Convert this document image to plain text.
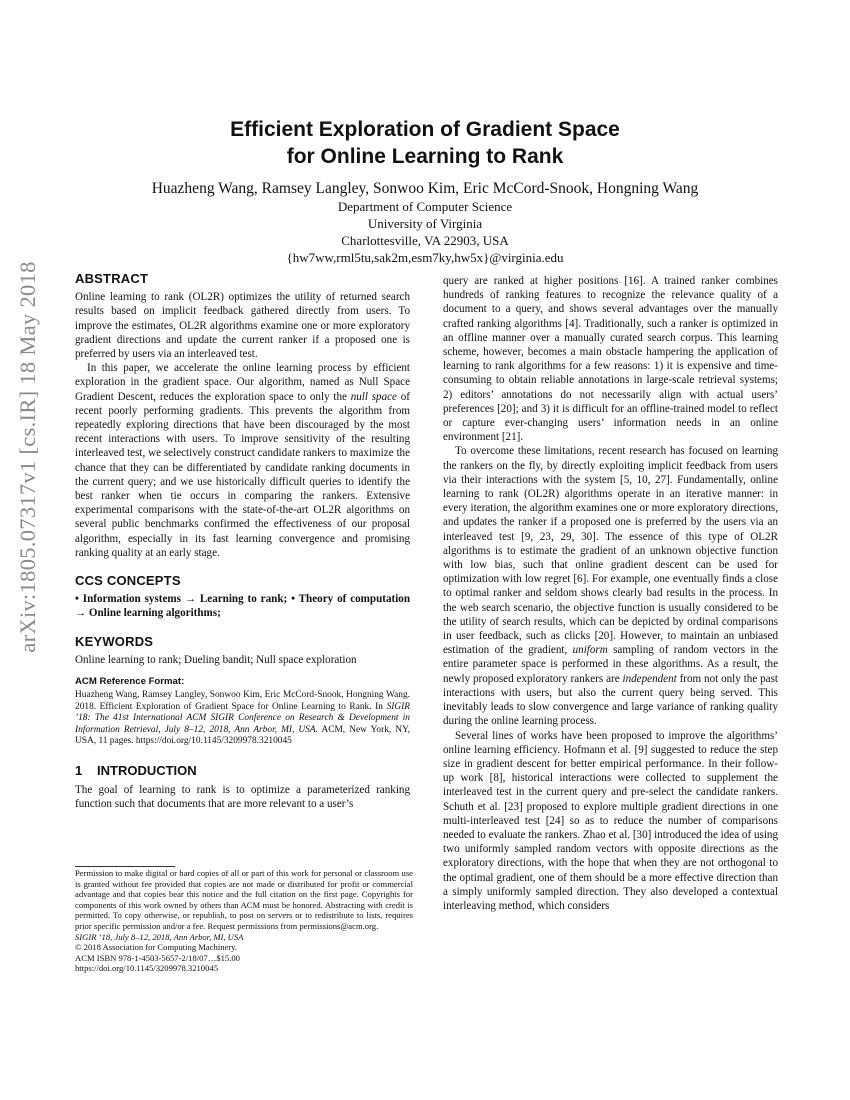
arXiv:1805.07317v1 [cs.IR] 18 May 2018
Efficient Exploration of Gradient Space
for Online Learning to Rank
Huazheng Wang, Ramsey Langley, Sonwoo Kim, Eric McCord-Snook, Hongning Wang
Department of Computer Science
University of Virginia
Charlottesville, VA 22903, USA
{hw7ww,rml5tu,sak2m,esm7ky,hw5x}@virginia.edu
ABSTRACT

Online learning to rank (OL2R) optimizes the utility of returned search results based on implicit feedback gathered directly from users. To improve the estimates, OL2R algorithms examine one or more exploratory gradient directions and update the current ranker if a proposed one is preferred by users via an interleaved test.

In this paper, we accelerate the online learning process by efficient exploration in the gradient space. Our algorithm, named as Null Space Gradient Descent, reduces the exploration space to only the null space of recent poorly performing gradients. This prevents the algorithm from repeatedly exploring directions that have been discouraged by the most recent interactions with users. To improve sensitivity of the resulting interleaved test, we selectively construct candidate rankers to maximize the chance that they can be differentiated by candidate ranking documents in the current query; and we use historically difficult queries to identify the best ranker when tie occurs in comparing the rankers. Extensive experimental comparisons with the state-of-the-art OL2R algorithms on several public benchmarks confirmed the effectiveness of our proposal algorithm, especially in its fast learning convergence and promising ranking quality at an early stage.

CCS CONCEPTS

• Information systems → Learning to rank; • Theory of computation → Online learning algorithms;

KEYWORDS

Online learning to rank; Dueling bandit; Null space exploration

ACM Reference Format:
Huazheng Wang, Ramsey Langley, Sonwoo Kim, Eric McCord-Snook, Hongning Wang. 2018. Efficient Exploration of Gradient Space for Online Learning to Rank. In SIGIR ’18: The 41st International ACM SIGIR Conference on Research & Development in Information Retrieval, July 8–12, 2018, Ann Arbor, MI, USA. ACM, New York, NY, USA, 11 pages. https://doi.org/10.1145/3209978.3210045
1 INTRODUCTION

The goal of learning to rank is to optimize a parameterized ranking function such that documents that are more relevant to a user’s

Permission to make digital or hard copies of all or part of this work for personal or classroom use is granted without fee provided that copies are not made or distributed for profit or commercial advantage and that copies bear this notice and the full citation on the first page. Copyrights for components of this work owned by others than ACM must be honored. Abstracting with credit is permitted. To copy otherwise, or republish, to post on servers or to redistribute to lists, requires prior specific permission and/or a fee. Request permissions from permissions@acm.org.

SIGIR ’18, July 8–12, 2018, Ann Arbor, MI, USA

© 2018 Association for Computing Machinery.

ACM ISBN 978-1-4503-5657-2/18/07…$15.00

https://doi.org/10.1145/3209978.3210045

query are ranked at higher positions [16]. A trained ranker combines hundreds of ranking features to recognize the relevance quality of a document to a query, and shows several advantages over the manually crafted ranking algorithms [4]. Traditionally, such a ranker is optimized in an offline manner over a manually curated search corpus. This learning scheme, however, becomes a main obstacle hampering the application of learning to rank algorithms for a few reasons: 1) it is expensive and time-consuming to obtain reliable annotations in large-scale retrieval systems; 2) editors’ annotations do not necessarily align with actual users’ preferences [20]; and 3) it is difficult for an offline-trained model to reflect or capture ever-changing users’ information needs in an online environment [21].

To overcome these limitations, recent research has focused on learning the rankers on the fly, by directly exploiting implicit feedback from users via their interactions with the system [5, 10, 27]. Fundamentally, online learning to rank (OL2R) algorithms operate in an iterative manner: in every iteration, the algorithm examines one or more exploratory directions, and updates the ranker if a proposed one is preferred by the users via an interleaved test [9, 23, 29, 30]. The essence of this type of OL2R algorithms is to estimate the gradient of an unknown objective function with low bias, such that online gradient descent can be used for optimization with low regret [6]. For example, one eventually finds a close to optimal ranker and seldom shows clearly bad results in the process. In the web search scenario, the objective function is usually considered to be the utility of search results, which can be depicted by ordinal comparisons in user feedback, such as clicks [20]. However, to maintain an unbiased estimation of the gradient, uniform sampling of random vectors in the entire parameter space is performed in these algorithms. As a result, the newly proposed exploratory rankers are independent from not only the past interactions with users, but also the current query being served. This inevitably leads to slow convergence and large variance of ranking quality during the online learning process.

Several lines of works have been proposed to improve the algorithms’ online learning efficiency. Hofmann et al. [9] suggested to reduce the step size in gradient descent for better empirical performance. In their follow-up work [8], historical interactions were collected to supplement the interleaved test in the current query and pre-select the candidate rankers. Schuth et al. [23] proposed to explore multiple gradient directions in one multi-interleaved test [24] so as to reduce the number of comparisons needed to evaluate the rankers. Zhao et al. [30] introduced the idea of using two uniformly sampled random vectors with opposite directions as the exploratory directions, with the hope that when they are not orthogonal to the optimal gradient, one of them should be a more effective direction than a simply uniformly sampled direction. They also developed a contextual interleaving method, which considers
